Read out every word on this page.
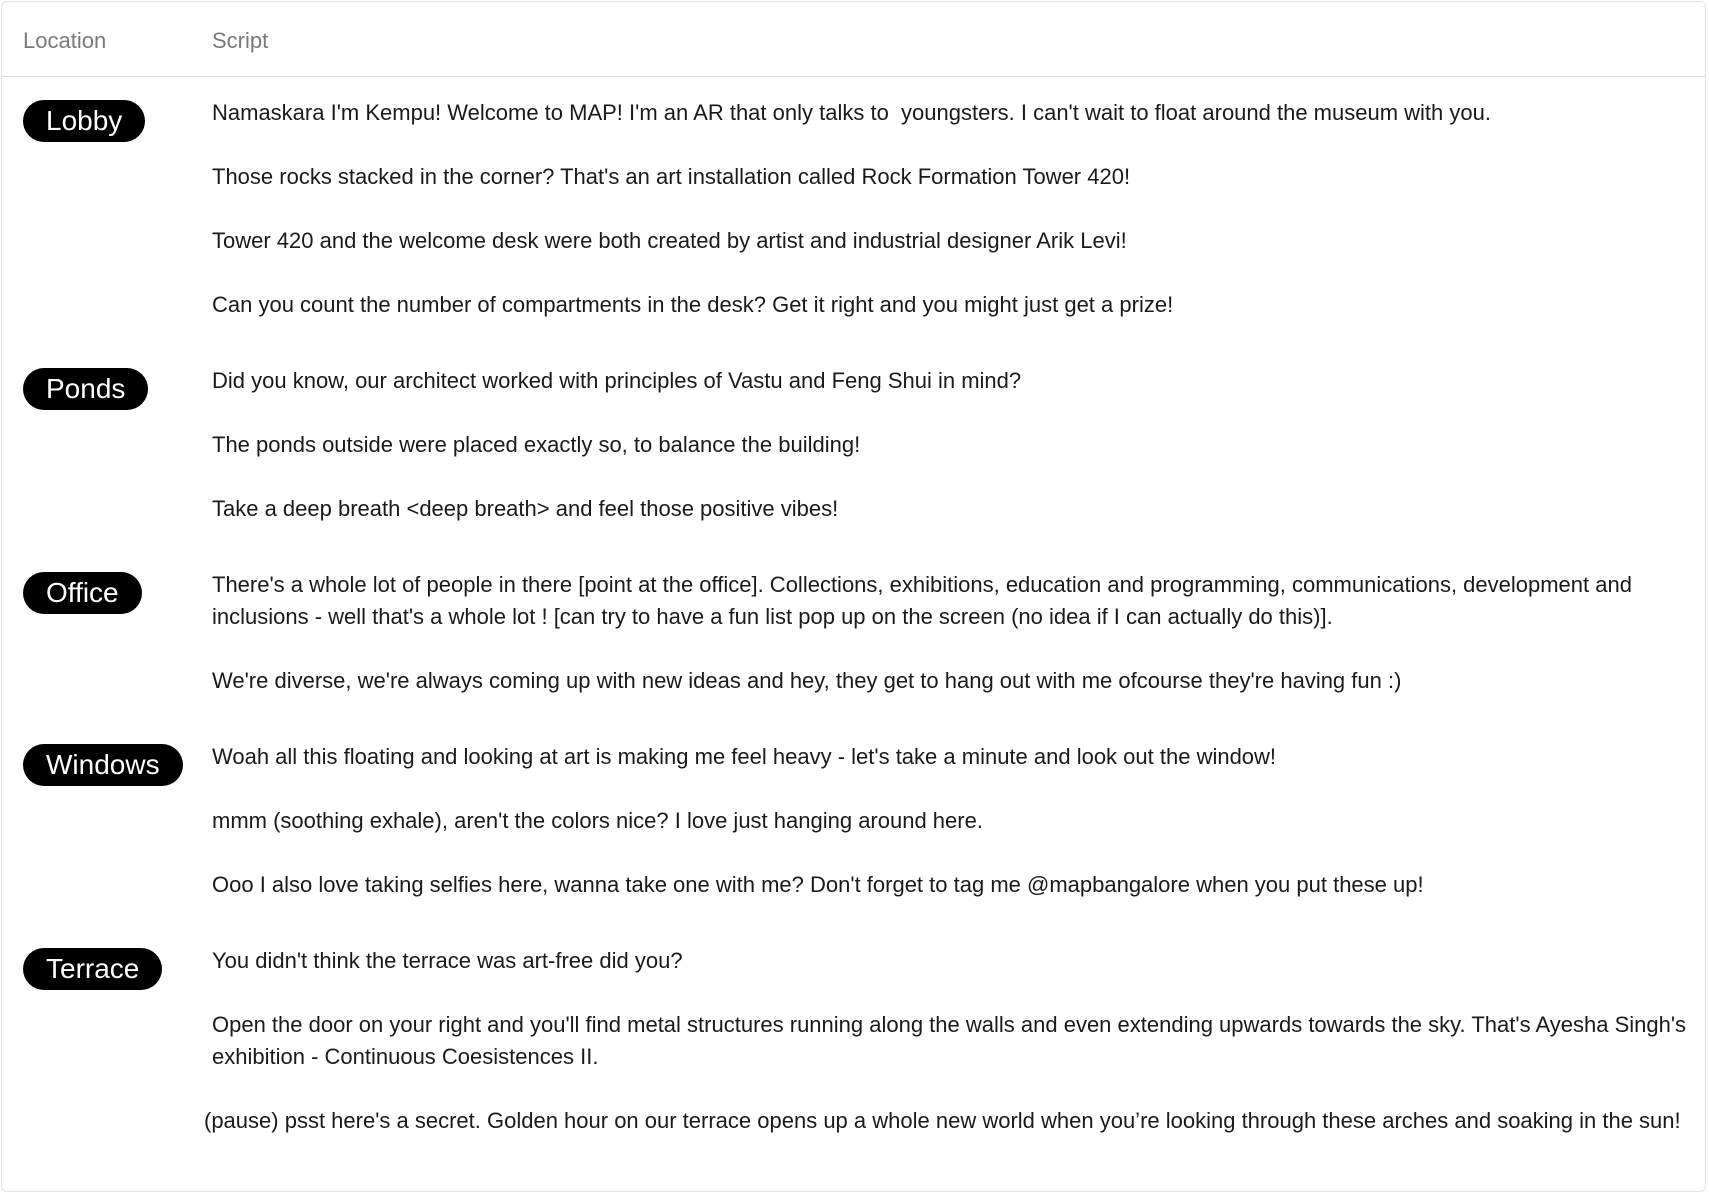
Location	Script
Lobby	Namaskara I'm Kempu! Welcome to MAP! I'm an AR that only talks to  youngsters. I can't wait to float around the museum with you.
Those rocks stacked in the corner? That's an art installation called Rock Formation Tower 420!
Tower 420 and the welcome desk were both created by artist and industrial designer Arik Levi!
Can you count the number of compartments in the desk? Get it right and you might just get a prize!
Ponds	Did you know, our architect worked with principles of Vastu and Feng Shui in mind?
The ponds outside were placed exactly so, to balance the building!
Take a deep breath <deep breath> and feel those positive vibes!
Office	There's a whole lot of people in there [point at the office]. Collections, exhibitions, education and programming, communications, development and inclusions - well that's a whole lot ! [can try to have a fun list pop up on the screen (no idea if I can actually do this)].
We're diverse, we're always coming up with new ideas and hey, they get to hang out with me ofcourse they're having fun :)
Windows	Woah all this floating and looking at art is making me feel heavy - let's take a minute and look out the window!
mmm (soothing exhale), aren't the colors nice? I love just hanging around here.
Ooo I also love taking selfies here, wanna take one with me? Don't forget to tag me @mapbangalore when you put these up!
Terrace	You didn't think the terrace was art-free did you?
Open the door on your right and you'll find metal structures running along the walls and even extending upwards towards the sky. That's Ayesha Singh's exhibition - Continuous Coesistences II.
(pause) psst here's a secret. Golden hour on our terrace opens up a whole new world when you’re looking through these arches and soaking in the sun!
